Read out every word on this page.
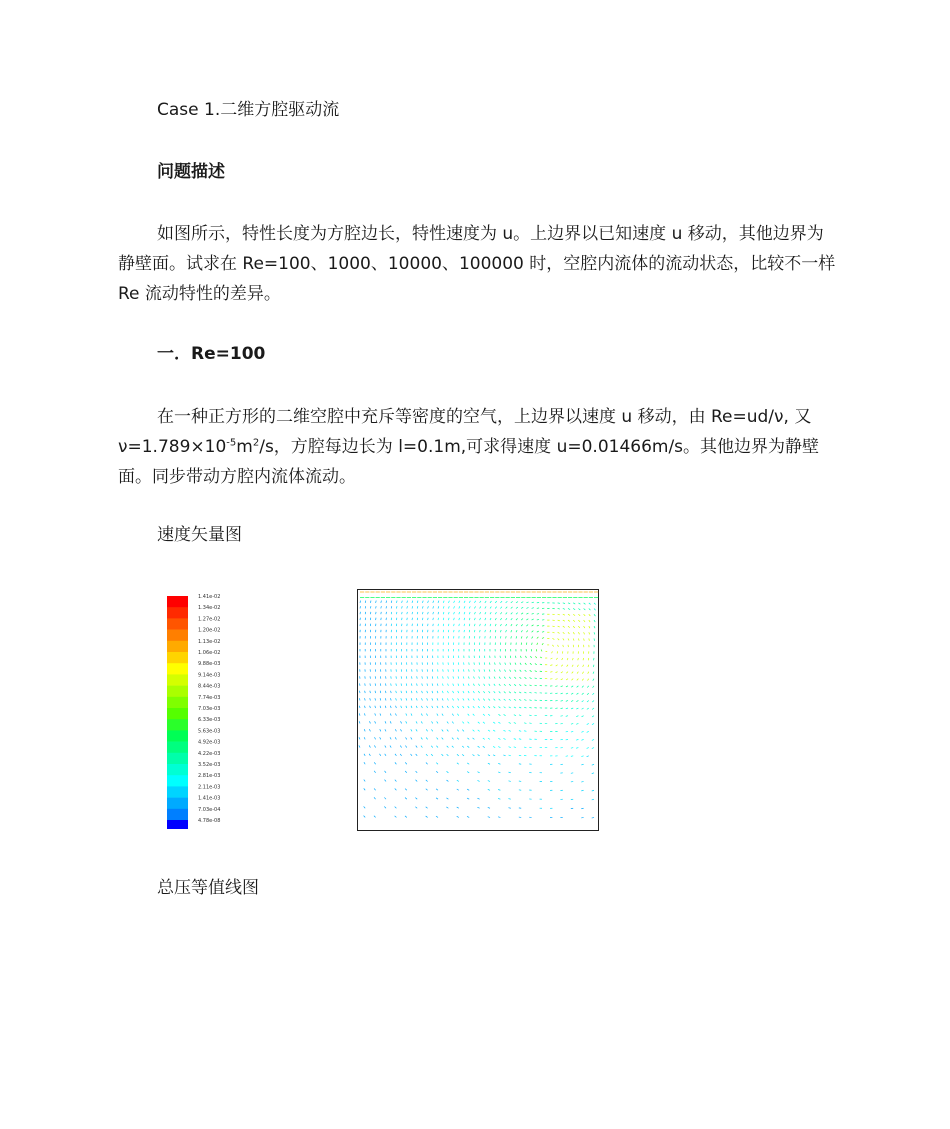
Case 1.二维方腔驱动流
问题描述
如图所示，特性长度为方腔边长，特性速度为 u。上边界以已知速度 u 移动，其他边界为静壁面。试求在 Re=100、1000、10000、100000 时，空腔内流体的流动状态，比较不一样 Re 流动特性的差异。
一．Re=100
在一种正方形的二维空腔中充斥等密度的空气，上边界以速度 u 移动，由 Re=ud/ν, 又 $\nu=1.789\times 10^{-5}m^2/s$，方腔每边长为 l=0.1m,可求得速度 u=0.01466m/s。其他边界为静壁面。同步带动方腔内流体流动。
速度矢量图
1.41e-02
1.34e-02
1.27e-02
1.20e-02
1.13e-02
1.06e-02
9.88e-03
9.14e-03
8.44e-03
7.74e-03
7.03e-03
6.33e-03
5.63e-03
4.92e-03
4.22e-03
3.52e-03
2.81e-03
2.11e-03
1.41e-03
7.03e-04
4.78e-08
总压等值线图
